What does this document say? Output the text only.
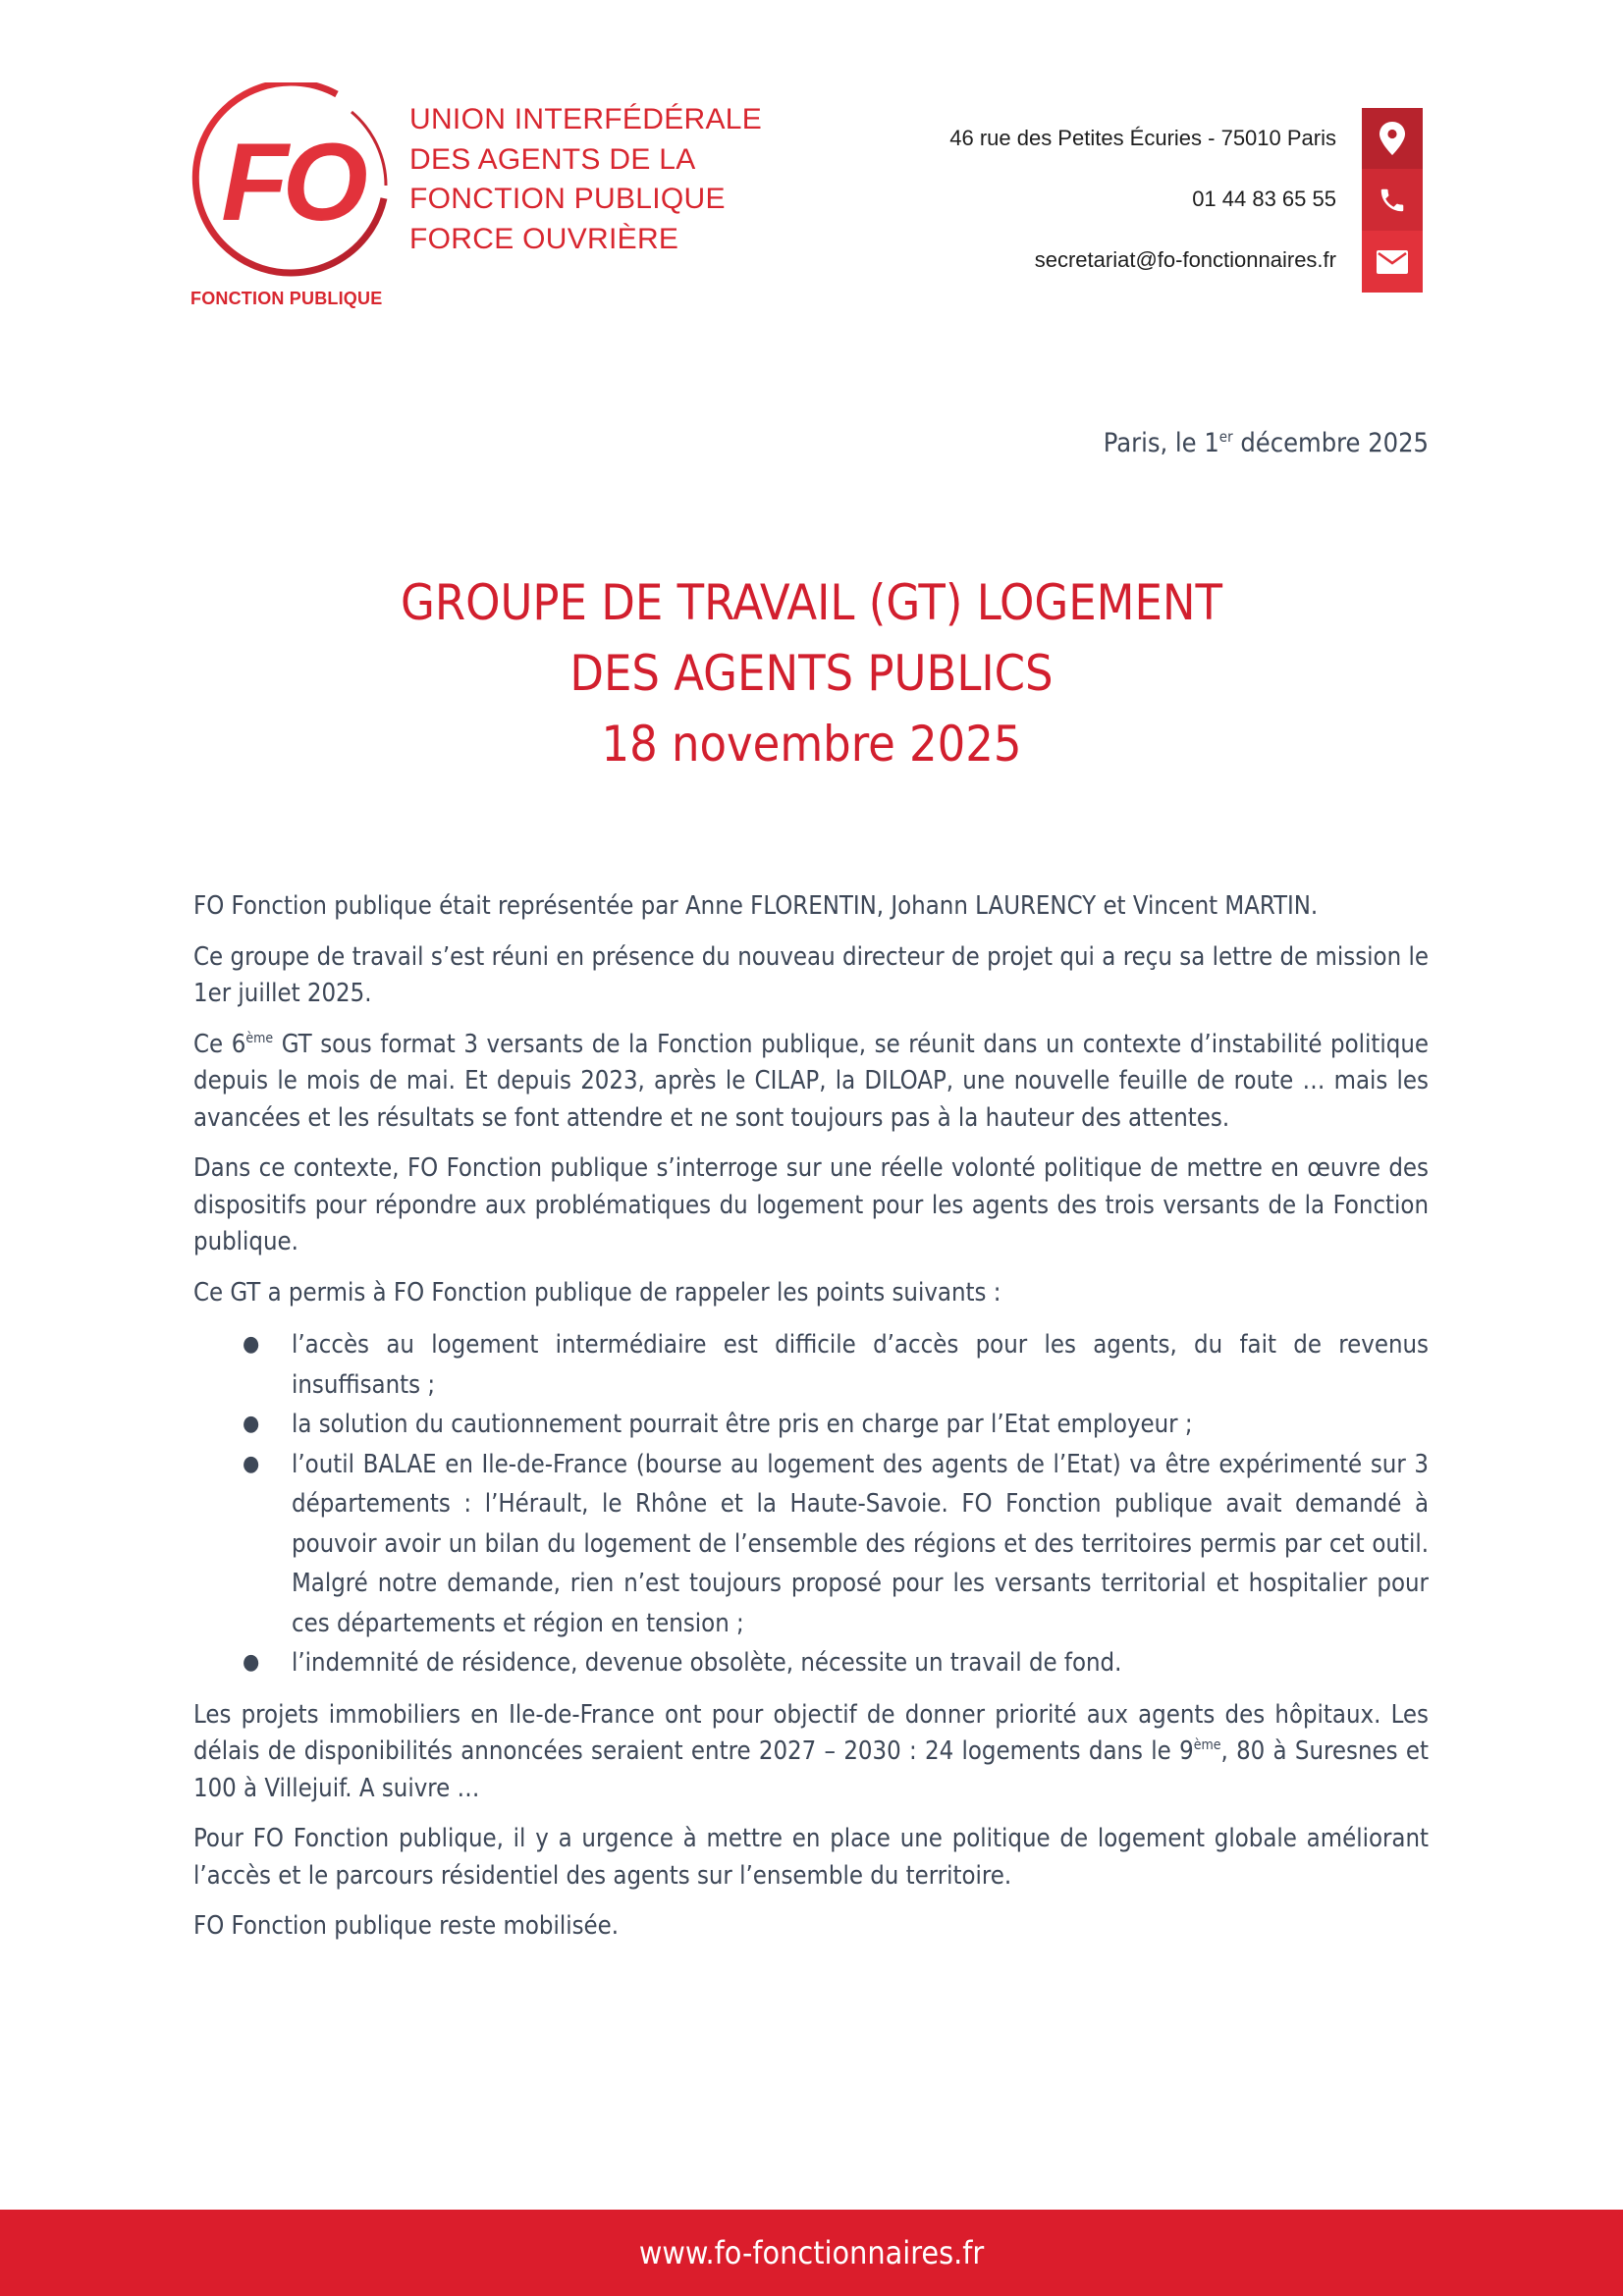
FO
FONCTION PUBLIQUE
UNION INTERFÉDÉRALE
DES AGENTS DE LA
FONCTION PUBLIQUE
FORCE OUVRIÈRE
46 rue des Petites Écuries - 75010 Paris
01 44 83 65 55
secretariat@fo-fonctionnaires.fr
Paris, le 1er décembre 2025
GROUPE DE TRAVAIL (GT) LOGEMENT
DES AGENTS PUBLICS
18 novembre 2025

FO Fonction publique était représentée par Anne FLORENTIN, Johann LAURENCY et Vincent MARTIN.

Ce groupe de travail s’est réuni en présence du nouveau directeur de projet qui a reçu sa lettre de mission le 1er juillet 2025.

Ce 6ème GT sous format 3 versants de la Fonction publique, se réunit dans un contexte d’instabilité politique depuis le mois de mai. Et depuis 2023, après le CILAP, la DILOAP, une nouvelle feuille de route … mais les avancées et les résultats se font attendre et ne sont toujours pas à la hauteur des attentes.

Dans ce contexte, FO Fonction publique s’interroge sur une réelle volonté politique de mettre en œuvre des dispositifs pour répondre aux problématiques du logement pour les agents des trois versants de la Fonction publique.

Ce GT a permis à FO Fonction publique de rappeler les points suivants :

● l’accès au logement intermédiaire est difficile d’accès pour les agents, du fait de revenus insuffisants ;
● la solution du cautionnement pourrait être pris en charge par l’Etat employeur ;
● l’outil BALAE en Ile-de-France (bourse au logement des agents de l’Etat) va être expérimenté sur 3 départements : l’Hérault, le Rhône et la Haute-Savoie. FO Fonction publique avait demandé à pouvoir avoir un bilan du logement de l’ensemble des régions et des territoires permis par cet outil. Malgré notre demande, rien n’est toujours proposé pour les versants territorial et hospitalier pour ces départements et région en tension ;
● l’indemnité de résidence, devenue obsolète, nécessite un travail de fond.

Les projets immobiliers en Ile-de-France ont pour objectif de donner priorité aux agents des hôpitaux. Les délais de disponibilités annoncées seraient entre 2027 – 2030 : 24 logements dans le 9ème, 80 à Suresnes et 100 à Villejuif. A suivre …

Pour FO Fonction publique, il y a urgence à mettre en place une politique de logement globale améliorant l’accès et le parcours résidentiel des agents sur l’ensemble du territoire.

FO Fonction publique reste mobilisée.

www.fo-fonctionnaires.fr
